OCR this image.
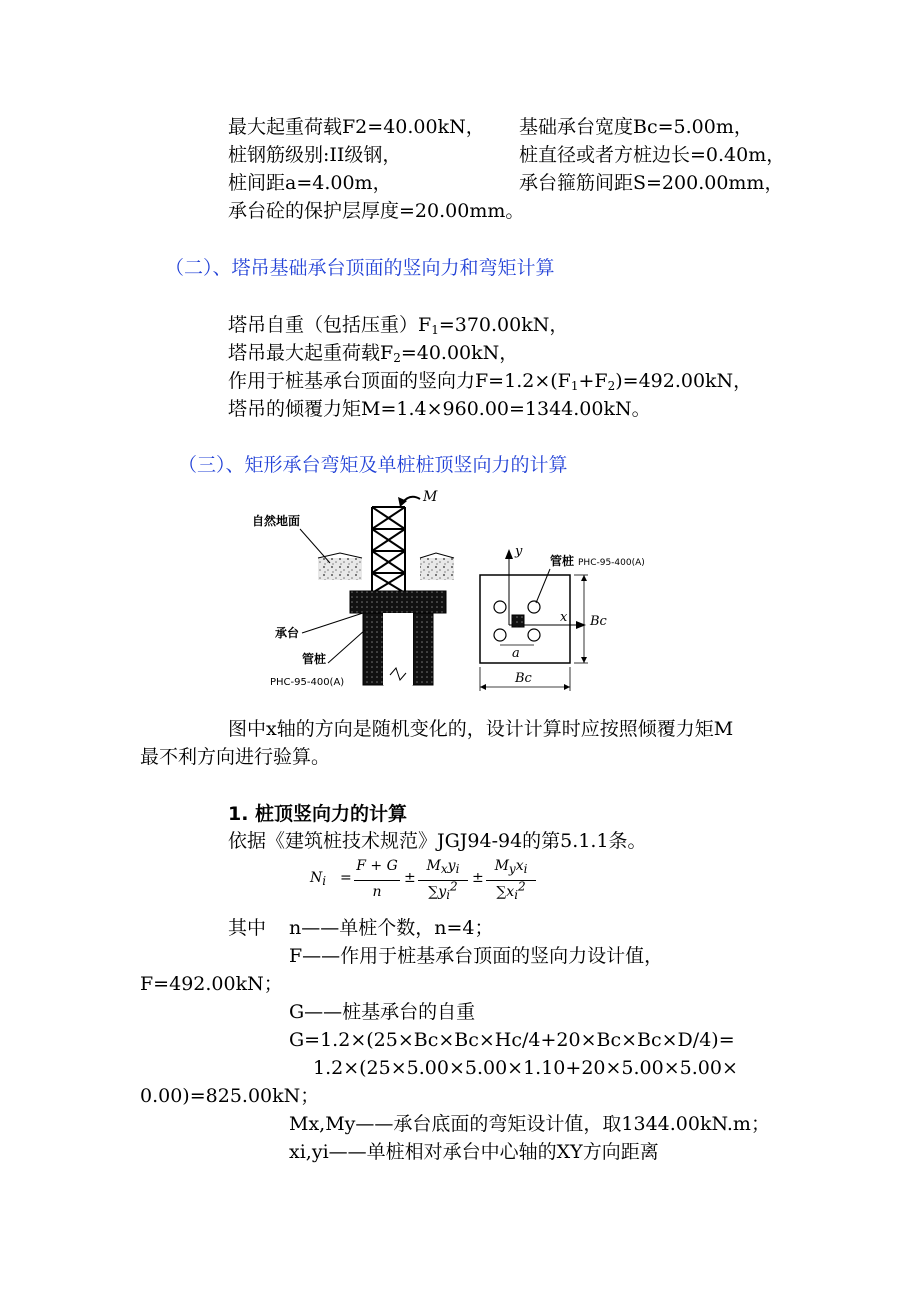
最大起重荷载F2=40.00kN， 基础承台宽度Bc=5.00m，
桩钢筋级别:II级钢，	桩直径或者方桩边长=0.40m，
桩间距a=4.00m，	承台箍筋间距S=200.00mm，
承台砼的保护层厚度=20.00mm。
（二）、塔吊基础承台顶面的竖向力和弯矩计算
塔吊自重（包括压重）$F_1=370.00kN$，
塔吊最大起重荷载$F_2=40.00kN$，
作用于桩基承台顶面的竖向力$F=1.2\times(F_1+F_2)=492.00kN$，
塔吊的倾覆力矩M=1.4×960.00=1344.00kN。
（三）、矩形承台弯矩及单桩桩顶竖向力的计算
M
自然地面
承台
管桩
PHC-95-400(A)
y
x
a
管桩 PHC-95-400(A)
Bc
Bc
图中x轴的方向是随机变化的，设计计算时应按照倾覆力矩M
最不利方向进行验算。
1. 桩顶竖向力的计算
依据《建筑桩技术规范》JGJ94-94的第5.1.1条。
$N_i$ =
F + G
n
±
$M_xy_i$
$\sum y_i^2$
±
$M_yx_i$
$\sum x_i^2$
其中 n——单桩个数，n=4；
F——作用于桩基承台顶面的竖向力设计值，
F=492.00kN；
G——桩基承台的自重
G=1.2×(25×Bc×Bc×Hc/4+20×Bc×Bc×D/4)=
1.2×(25×5.00×5.00×1.10+20×5.00×5.00×
0.00)=825.00kN；
Mx,My——承台底面的弯矩设计值，取1344.00kN.m；
xi,yi——单桩相对承台中心轴的XY方向距离
